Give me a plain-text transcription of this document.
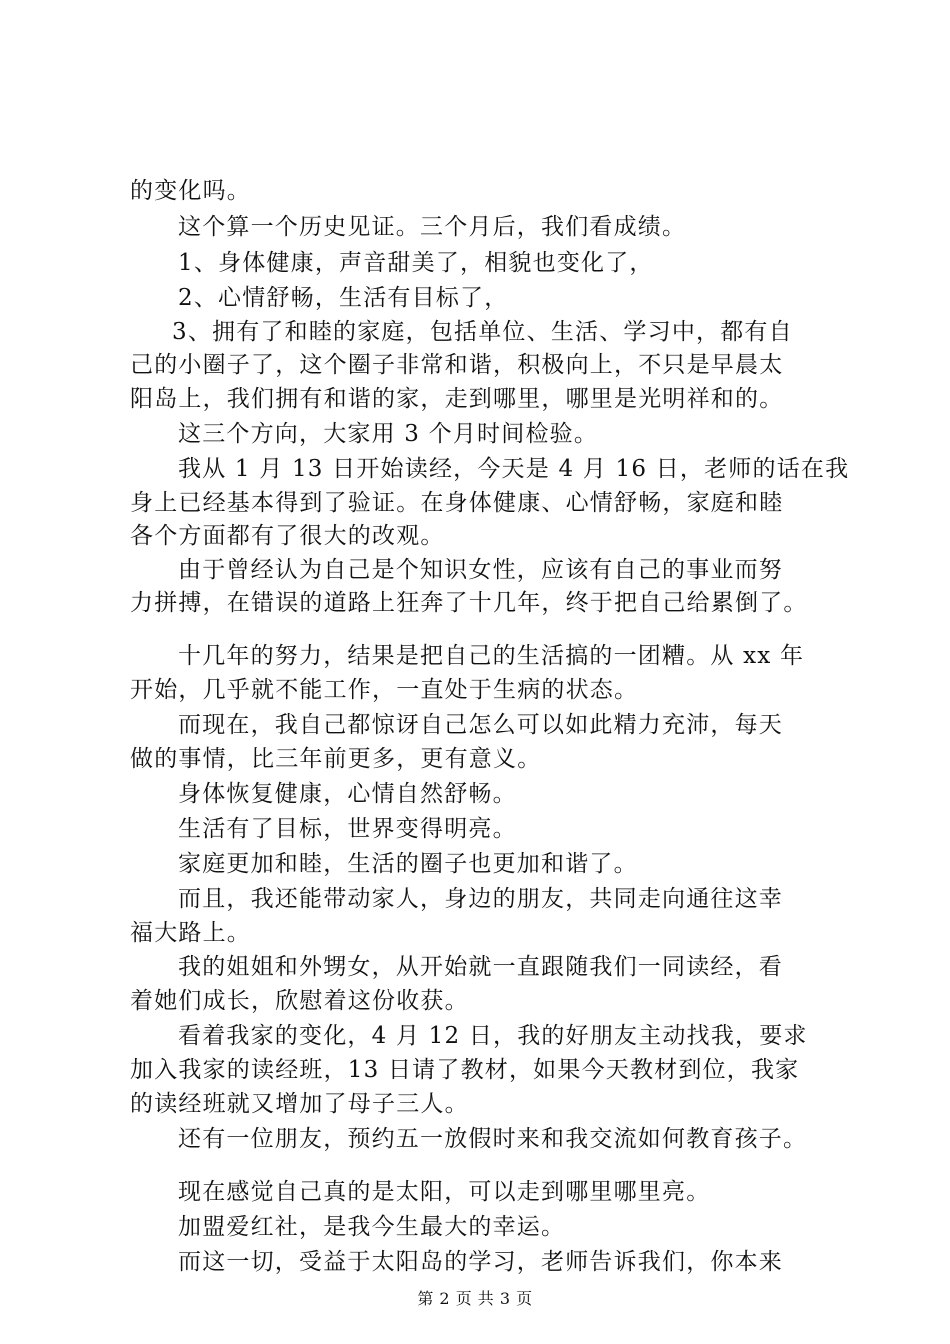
的变化吗。
这个算一个历史见证。三个月后，我们看成绩。
1、身体健康，声音甜美了，相貌也变化了，
2、心情舒畅，生活有目标了，
3、拥有了和睦的家庭，包括单位、生活、学习中，都有自
己的小圈子了，这个圈子非常和谐，积极向上，不只是早晨太
阳岛上，我们拥有和谐的家，走到哪里，哪里是光明祥和的。
这三个方向，大家用 3 个月时间检验。
我从 1 月 13 日开始读经，今天是 4 月 16 日，老师的话在我
身上已经基本得到了验证。在身体健康、心情舒畅，家庭和睦
各个方面都有了很大的改观。
由于曾经认为自己是个知识女性，应该有自己的事业而努
力拼搏，在错误的道路上狂奔了十几年，终于把自己给累倒了。
十几年的努力，结果是把自己的生活搞的一团糟。从 xx 年
开始，几乎就不能工作，一直处于生病的状态。
而现在，我自己都惊讶自己怎么可以如此精力充沛，每天
做的事情，比三年前更多，更有意义。
身体恢复健康，心情自然舒畅。
生活有了目标，世界变得明亮。
家庭更加和睦，生活的圈子也更加和谐了。
而且，我还能带动家人，身边的朋友，共同走向通往这幸
福大路上。
我的姐姐和外甥女，从开始就一直跟随我们一同读经，看
着她们成长，欣慰着这份收获。
看着我家的变化，4 月 12 日，我的好朋友主动找我，要求
加入我家的读经班，13 日请了教材，如果今天教材到位，我家
的读经班就又增加了母子三人。
还有一位朋友，预约五一放假时来和我交流如何教育孩子。
现在感觉自己真的是太阳，可以走到哪里哪里亮。
加盟爱红社，是我今生最大的幸运。
而这一切，受益于太阳岛的学习，老师告诉我们，你本来
第 2 页 共 3 页
